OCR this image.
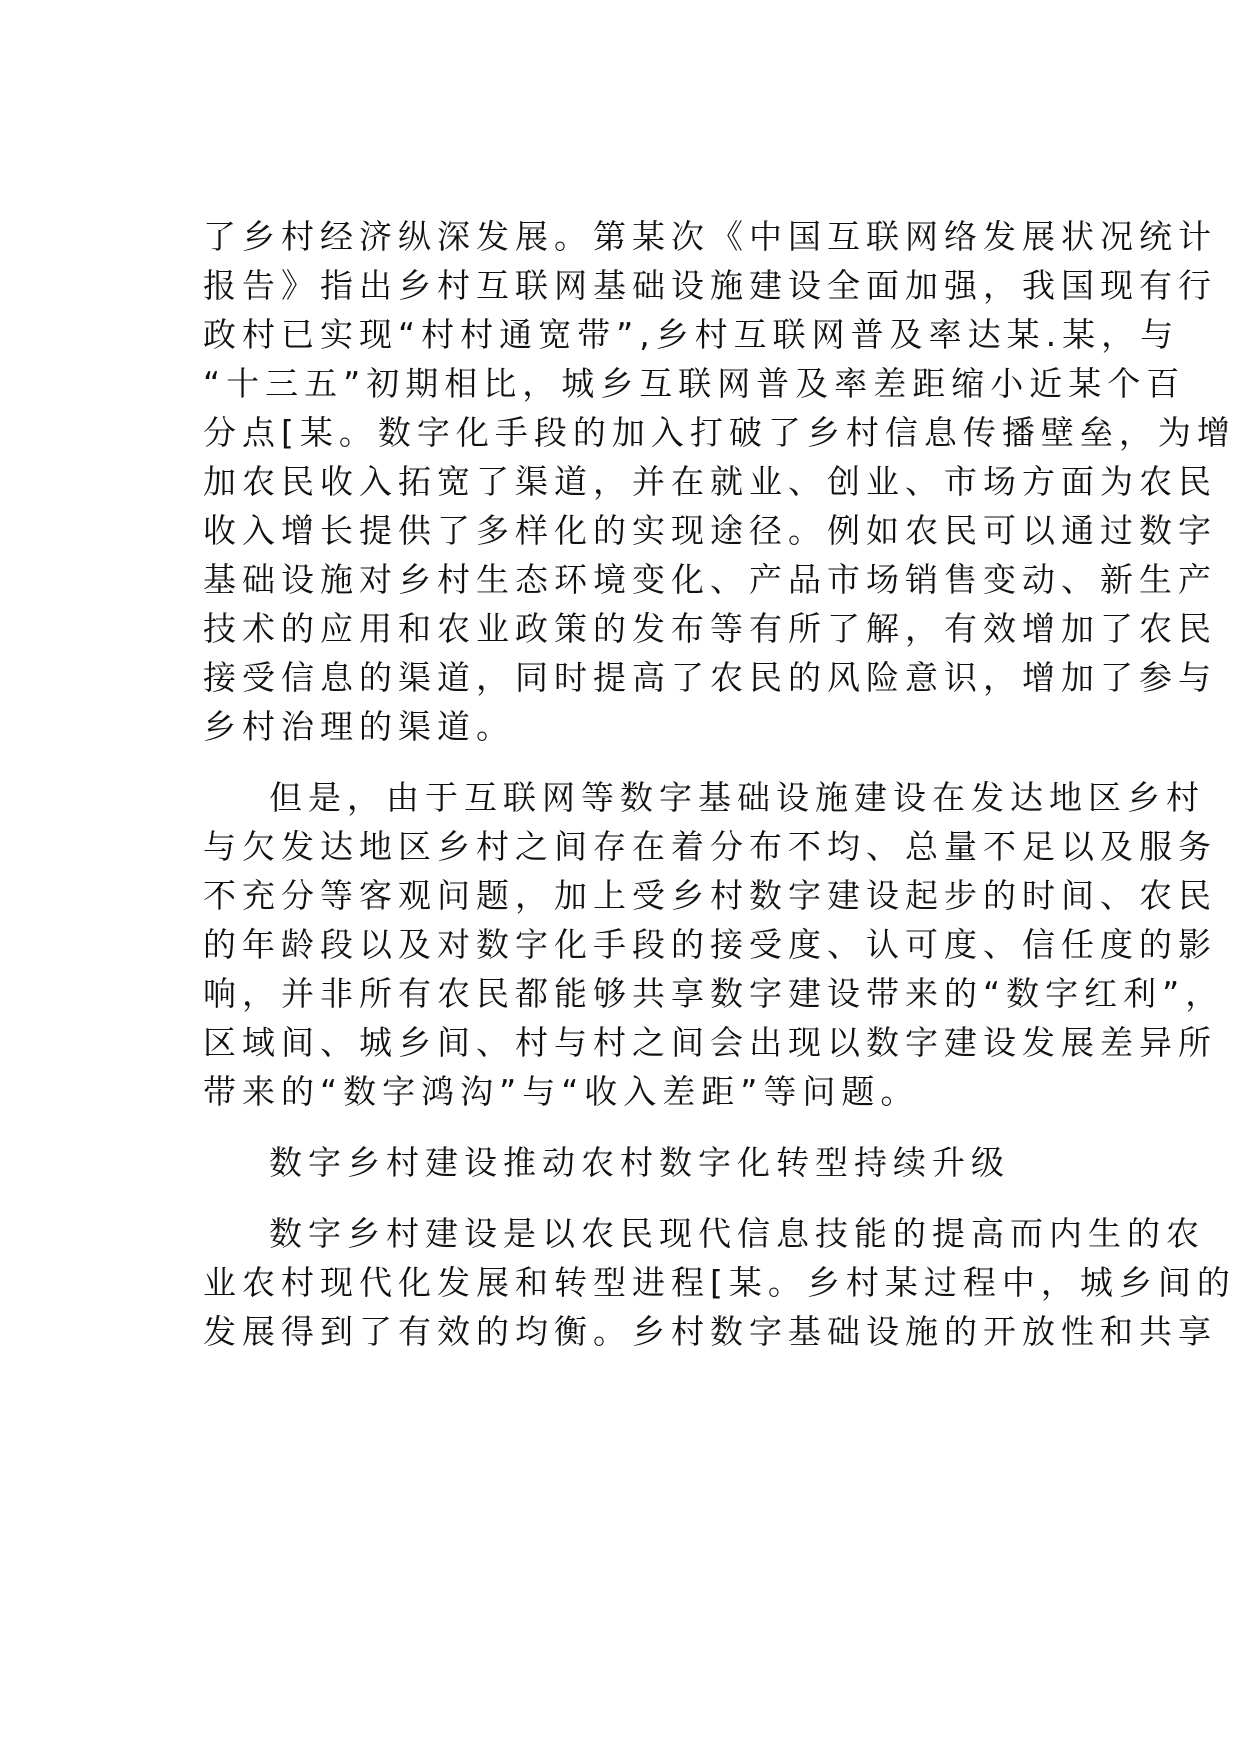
了乡村经济纵深发展。第某次《中国互联网络发展状况统计

报告》指出乡村互联网基础设施建设全面加强，我国现有行

政村已实现“村村通宽带”,乡村互联网普及率达某.某，与

“十三五”初期相比，城乡互联网普及率差距缩小近某个百

分点[某。数字化手段的加入打破了乡村信息传播壁垒，为增

加农民收入拓宽了渠道，并在就业、创业、市场方面为农民

收入增长提供了多样化的实现途径。例如农民可以通过数字

基础设施对乡村生态环境变化、产品市场销售变动、新生产

技术的应用和农业政策的发布等有所了解，有效增加了农民

接受信息的渠道，同时提高了农民的风险意识，增加了参与

乡村治理的渠道。

但是，由于互联网等数字基础设施建设在发达地区乡村

与欠发达地区乡村之间存在着分布不均、总量不足以及服务

不充分等客观问题，加上受乡村数字建设起步的时间、农民

的年龄段以及对数字化手段的接受度、认可度、信任度的影

响，并非所有农民都能够共享数字建设带来的“数字红利”，

区域间、城乡间、村与村之间会出现以数字建设发展差异所

带来的“数字鸿沟”与“收入差距”等问题。

数字乡村建设推动农村数字化转型持续升级

数字乡村建设是以农民现代信息技能的提高而内生的农

业农村现代化发展和转型进程[某。乡村某过程中，城乡间的

发展得到了有效的均衡。乡村数字基础设施的开放性和共享
